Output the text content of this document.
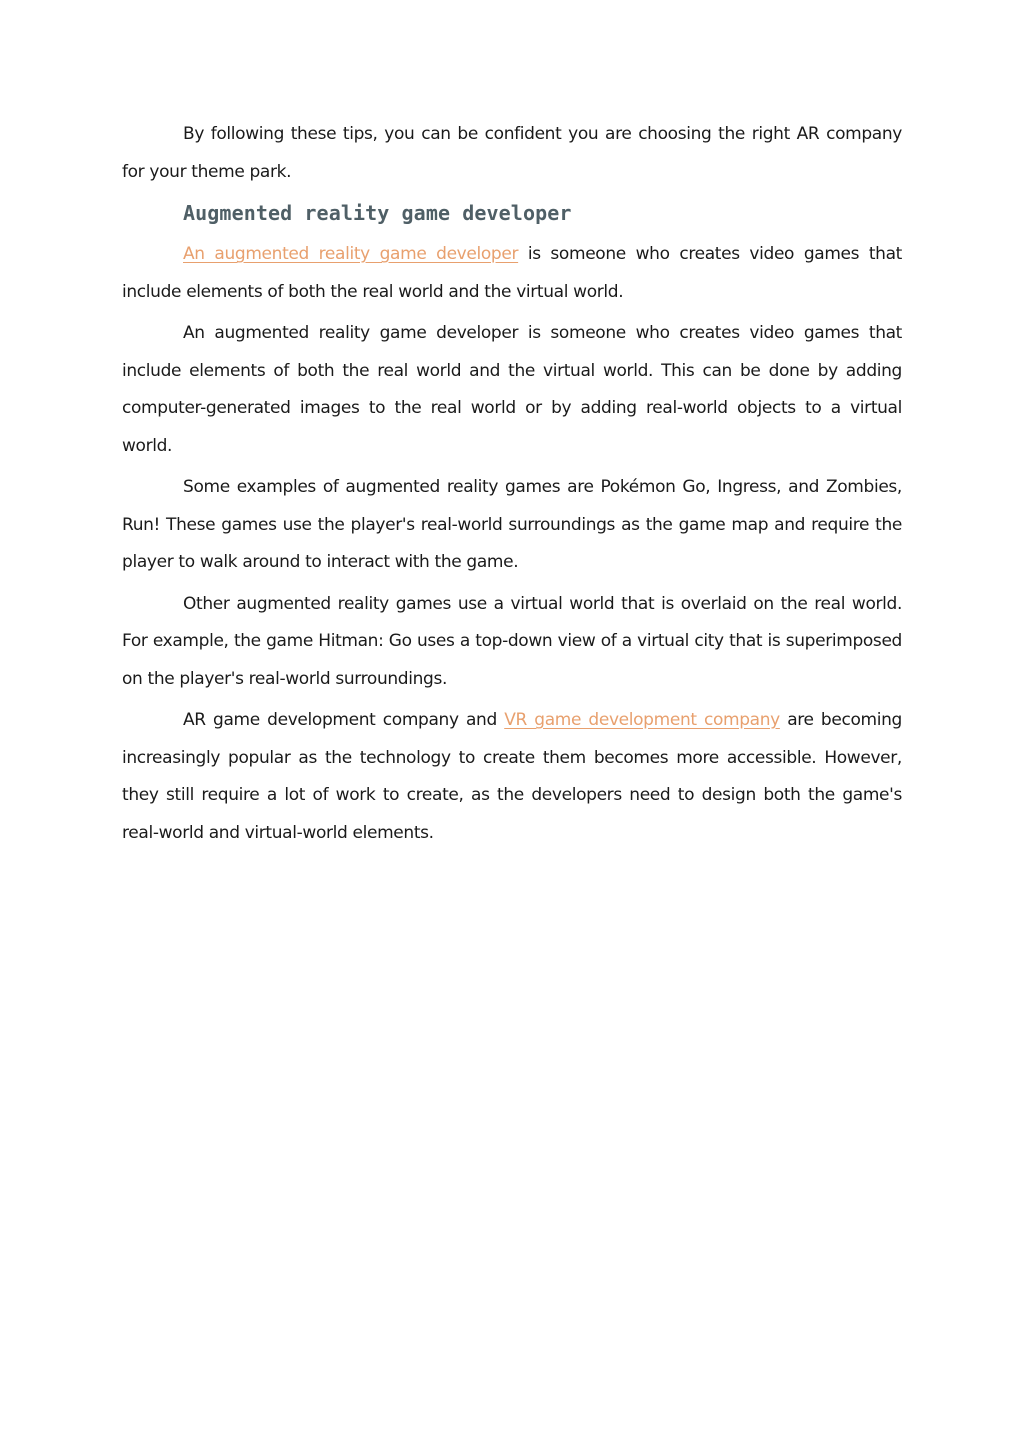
By following these tips, you can be confident you are choosing the right AR company for your theme park.

Augmented reality game developer

An augmented reality game developer is someone who creates video games that include elements of both the real world and the virtual world.

An augmented reality game developer is someone who creates video games that include elements of both the real world and the virtual world. This can be done by adding computer-generated images to the real world or by adding real-world objects to a virtual world.

Some examples of augmented reality games are Pokémon Go, Ingress, and Zombies, Run! These games use the player's real-world surroundings as the game map and require the player to walk around to interact with the game.

Other augmented reality games use a virtual world that is overlaid on the real world. For example, the game Hitman: Go uses a top-down view of a virtual city that is superimposed on the player's real-world surroundings.

AR game development company and VR game development company are becoming increasingly popular as the technology to create them becomes more accessible. However, they still require a lot of work to create, as the developers need to design both the game's real-world and virtual-world elements.
